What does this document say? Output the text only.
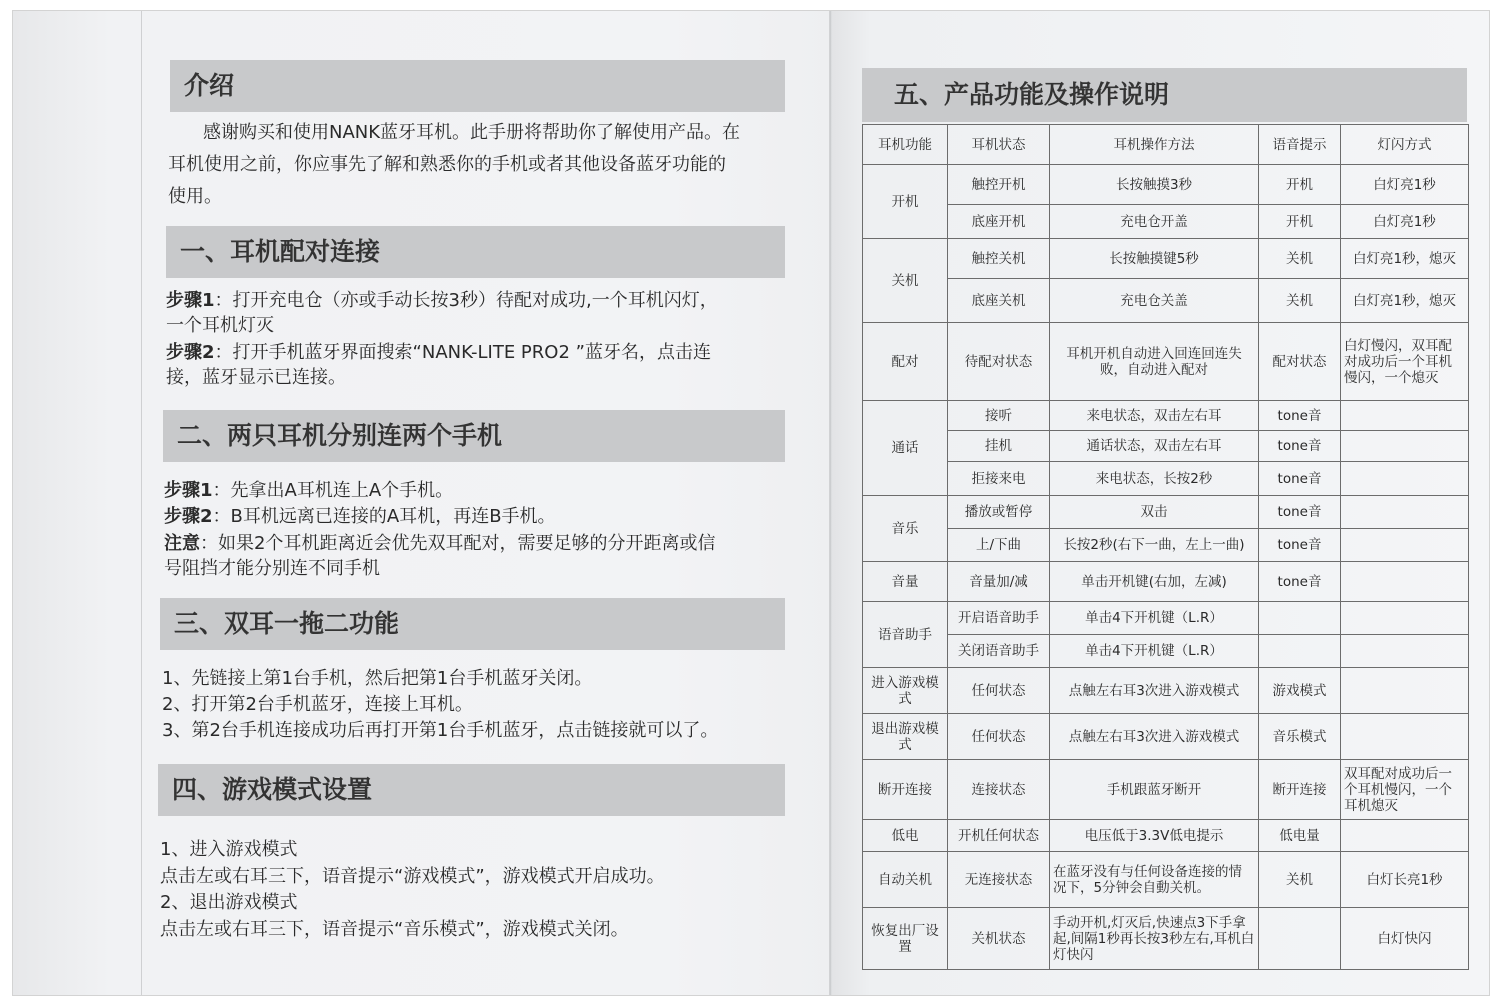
介绍
感谢购买和使用NANK蓝牙耳机。此手册将帮助你了解使用产品。在
耳机使用之前，你应事先了解和熟悉你的手机或者其他设备蓝牙功能的
使用。
一、耳机配对连接
步骤1：打开充电仓（亦或手动长按3秒）待配对成功,一个耳机闪灯，
一个耳机灯灭
步骤2：打开手机蓝牙界面搜索“NANK-LITE PRO2 ”蓝牙名，点击连
接，蓝牙显示已连接。
二、两只耳机分别连两个手机
步骤1：先拿出A耳机连上A个手机。
步骤2：B耳机远离已连接的A耳机，再连B手机。
注意：如果2个耳机距离近会优先双耳配对，需要足够的分开距离或信
号阻挡才能分别连不同手机
三、双耳一拖二功能
1、先链接上第1台手机，然后把第1台手机蓝牙关闭。
2、打开第2台手机蓝牙，连接上耳机。
3、第2台手机连接成功后再打开第1台手机蓝牙，点击链接就可以了。
四、游戏模式设置
1、进入游戏模式
点击左或右耳三下，语音提示“游戏模式”，游戏模式开启成功。
2、退出游戏模式
点击左或右耳三下，语音提示“音乐模式”，游戏模式关闭。
五、产品功能及操作说明
耳机功能	耳机状态	耳机操作方法	语音提示	灯闪方式
开机	触控开机	长按触摸3秒	开机	白灯亮1秒
	底座开机	充电仓开盖	开机	白灯亮1秒
关机	触控关机	长按触摸键5秒	关机	白灯亮1秒，熄灭
	底座关机	充电仓关盖	关机	白灯亮1秒，熄灭
配对	待配对状态	耳机开机自动进入回连回连失败，自动进入配对	配对状态	白灯慢闪，双耳配对成功后一个耳机慢闪，一个熄灭
通话	接听	来电状态，双击左右耳	tone音	
	挂机	通话状态，双击左右耳	tone音	
	拒接来电	来电状态，长按2秒	tone音	
音乐	播放或暂停	双击	tone音	
	上/下曲	长按2秒(右下一曲，左上一曲)	tone音	
音量	音量加/减	单击开机键(右加，左减)	tone音	
语音助手	开启语音助手	单击4下开机键（L.R）		
	关闭语音助手	单击4下开机键（L.R）		
进入游戏模式	任何状态	点触左右耳3次进入游戏模式	游戏模式	
退出游戏模式	任何状态	点触左右耳3次进入游戏模式	音乐模式	
断开连接	连接状态	手机跟蓝牙断开	断开连接	双耳配对成功后一个耳机慢闪，一个耳机熄灭
低电	开机任何状态	电压低于3.3V低电提示	低电量	
自动关机	无连接状态	在蓝牙没有与任何设备连接的情况下，5分钟会自動关机。	关机	白灯长亮1秒
恢复出厂设置	关机状态	手动开机,灯灭后,快速点3下手拿起,间隔1秒再长按3秒左右,耳机白灯快闪		白灯快闪
